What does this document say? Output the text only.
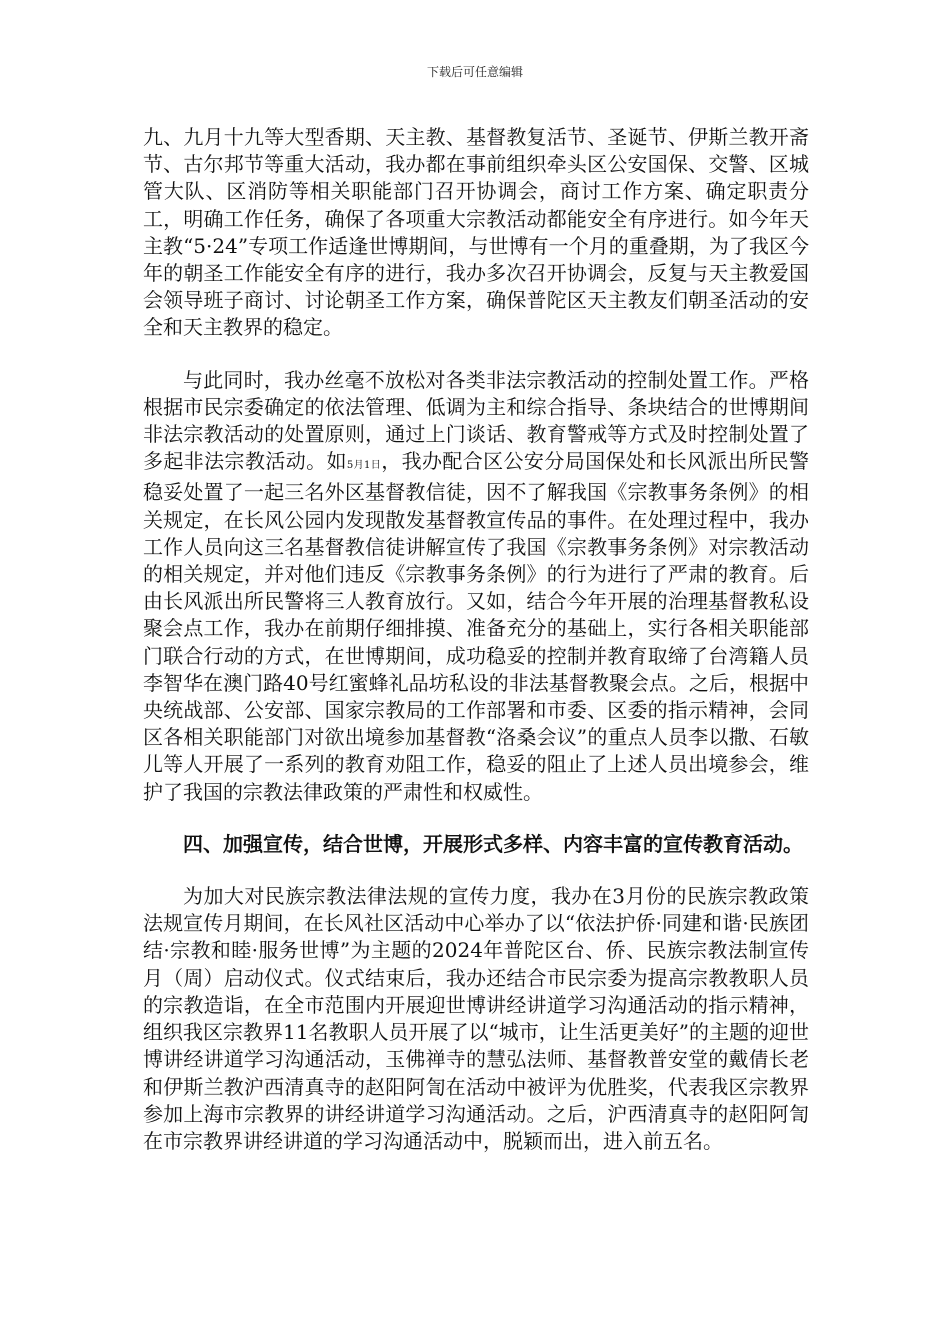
下载后可任意编辑

九、九月十九等大型香期、天主教、基督教复活节、圣诞节、伊斯兰教开斋节、古尔邦节等重大活动，我办都在事前组织牵头区公安国保、交警、区城管大队、区消防等相关职能部门召开协调会，商讨工作方案、确定职责分工，明确工作任务，确保了各项重大宗教活动都能安全有序进行。如今年天主教“5·24”专项工作适逢世博期间，与世博有一个月的重叠期，为了我区今年的朝圣工作能安全有序的进行，我办多次召开协调会，反复与天主教爱国会领导班子商讨、讨论朝圣工作方案，确保普陀区天主教友们朝圣活动的安全和天主教界的稳定。

与此同时，我办丝毫不放松对各类非法宗教活动的控制处置工作。严格根据市民宗委确定的依法管理、低调为主和综合指导、条块结合的世博期间非法宗教活动的处置原则，通过上门谈话、教育警戒等方式及时控制处置了多起非法宗教活动。如5月1日，我办配合区公安分局国保处和长风派出所民警稳妥处置了一起三名外区基督教信徒，因不了解我国《宗教事务条例》的相关规定，在长风公园内发现散发基督教宣传品的事件。在处理过程中，我办工作人员向这三名基督教信徒讲解宣传了我国《宗教事务条例》对宗教活动的相关规定，并对他们违反《宗教事务条例》的行为进行了严肃的教育。后由长风派出所民警将三人教育放行。又如，结合今年开展的治理基督教私设聚会点工作，我办在前期仔细排摸、准备充分的基础上，实行各相关职能部门联合行动的方式，在世博期间，成功稳妥的控制并教育取缔了台湾籍人员李智华在澳门路40号红蜜蜂礼品坊私设的非法基督教聚会点。之后，根据中央统战部、公安部、国家宗教局的工作部署和市委、区委的指示精神，会同区各相关职能部门对欲出境参加基督教“洛桑会议”的重点人员李以撒、石敏儿等人开展了一系列的教育劝阻工作，稳妥的阻止了上述人员出境参会，维护了我国的宗教法律政策的严肃性和权威性。

四、加强宣传，结合世博，开展形式多样、内容丰富的宣传教育活动。

为加大对民族宗教法律法规的宣传力度，我办在3月份的民族宗教政策法规宣传月期间，在长风社区活动中心举办了以“依法护侨·同建和谐·民族团结·宗教和睦·服务世博”为主题的2024年普陀区台、侨、民族宗教法制宣传月（周）启动仪式。仪式结束后，我办还结合市民宗委为提高宗教教职人员的宗教造诣，在全市范围内开展迎世博讲经讲道学习沟通活动的指示精神，组织我区宗教界11名教职人员开展了以“城市，让生活更美好”的主题的迎世博讲经讲道学习沟通活动，玉佛禅寺的慧弘法师、基督教普安堂的戴倩长老和伊斯兰教沪西清真寺的赵阳阿訇在活动中被评为优胜奖，代表我区宗教界参加上海市宗教界的讲经讲道学习沟通活动。之后，沪西清真寺的赵阳阿訇在市宗教界讲经讲道的学习沟通活动中，脱颖而出，进入前五名。
